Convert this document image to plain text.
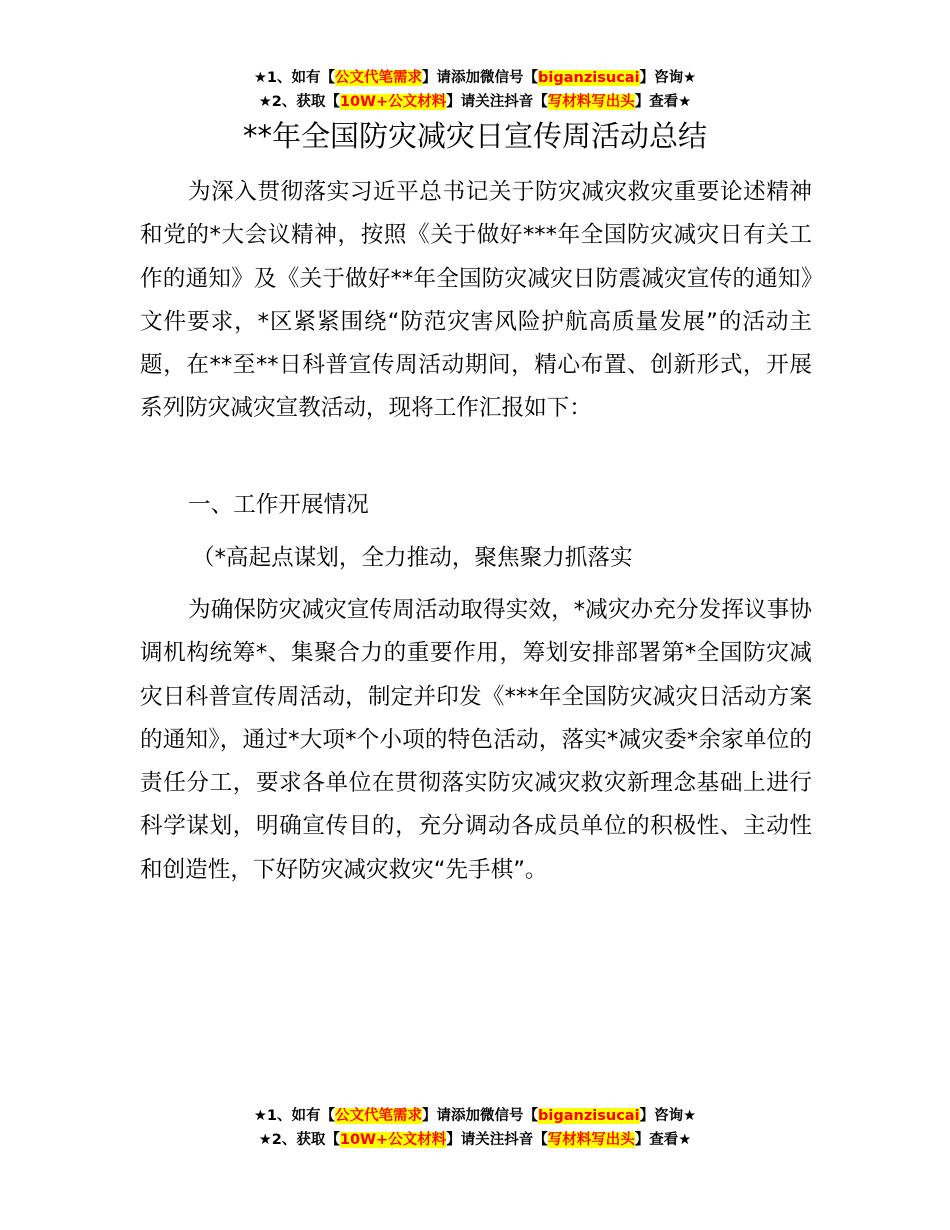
★1、如有【公文代笔需求】请添加微信号【biganzisucai】咨询★
★2、获取【10W+公文材料】请关注抖音【写材料写出头】查看★
**年全国防灾减灾日宣传周活动总结
为深入贯彻落实习近平总书记关于防灾减灾救灾重要论述精神和党的*大会议精神，按照《关于做好***年全国防灾减灾日有关工作的通知》及《关于做好**年全国防灾减灾日防震减灾宣传的通知》文件要求，*区紧紧围绕“防范灾害风险护航高质量发展”的活动主题，在**至**日科普宣传周活动期间，精心布置、创新形式，开展系列防灾减灾宣教活动，现将工作汇报如下：
一、工作开展情况
（*高起点谋划，全力推动，聚焦聚力抓落实
为确保防灾减灾宣传周活动取得实效，*减灾办充分发挥议事协调机构统筹*、集聚合力的重要作用，筹划安排部署第*全国防灾减灾日科普宣传周活动，制定并印发《***年全国防灾减灾日活动方案的通知》，通过*大项*个小项的特色活动，落实*减灾委*余家单位的责任分工，要求各单位在贯彻落实防灾减灾救灾新理念基础上进行科学谋划，明确宣传目的，充分调动各成员单位的积极性、主动性和创造性，下好防灾减灾救灾“先手棋”。
★1、如有【公文代笔需求】请添加微信号【biganzisucai】咨询★
★2、获取【10W+公文材料】请关注抖音【写材料写出头】查看★
